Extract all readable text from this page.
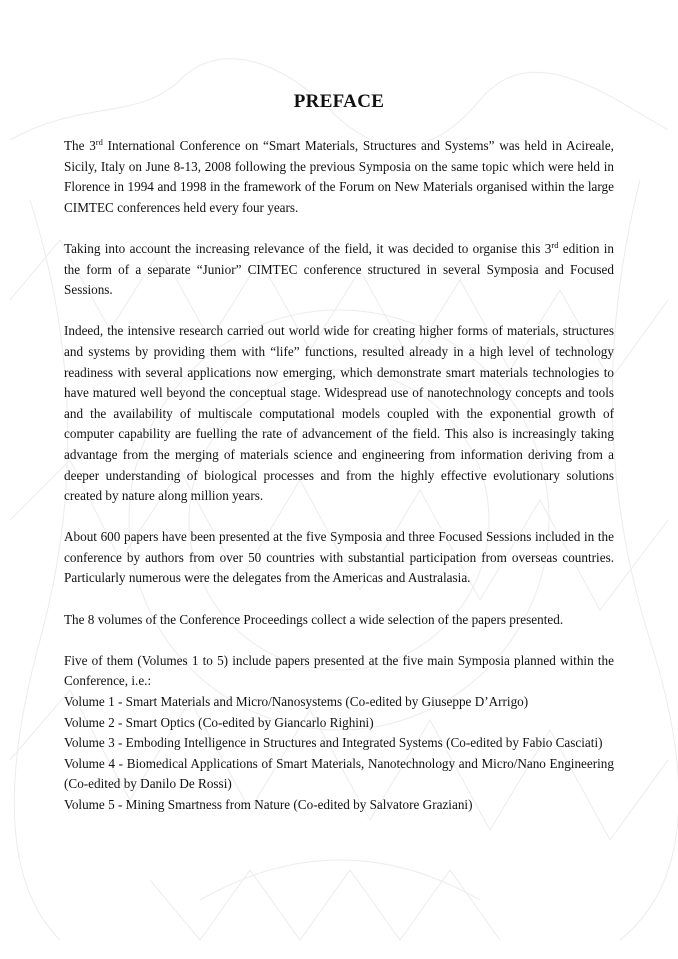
PREFACE

The 3rd International Conference on “Smart Materials, Structures and Systems” was held in Acireale, Sicily, Italy on June 8-13, 2008 following the previous Symposia on the same topic which were held in Florence in 1994 and 1998 in the framework of the Forum on New Materials organised within the large CIMTEC conferences held every four years.

Taking into account the increasing relevance of the field, it was decided to organise this 3rd edition in the form of a separate “Junior” CIMTEC conference structured in several Symposia and Focused Sessions.

Indeed, the intensive research carried out world wide for creating higher forms of materials, structures and systems by providing them with “life” functions, resulted already in a high level of technology readiness with several applications now emerging, which demonstrate smart materials technologies to have matured well beyond the conceptual stage. Widespread use of nanotechnology concepts and tools and the availability of multiscale computational models coupled with the exponential growth of computer capability are fuelling the rate of advancement of the field. This also is increasingly taking advantage from the merging of materials science and engineering from information deriving from a deeper understanding of biological processes and from the highly effective evolutionary solutions created by nature along million years.

About 600 papers have been presented at the five Symposia and three Focused Sessions included in the conference by authors from over 50 countries with substantial participation from overseas countries. Particularly numerous were the delegates from the Americas and Australasia.

The 8 volumes of the Conference Proceedings collect a wide selection of the papers presented.

Five of them (Volumes 1 to 5) include papers presented at the five main Symposia planned within the Conference, i.e.:

Volume 1 - Smart Materials and Micro/Nanosystems (Co-edited by Giuseppe D’Arrigo)
Volume 2 - Smart Optics (Co-edited by Giancarlo Righini)
Volume 3 - Emboding Intelligence in Structures and Integrated Systems (Co-edited by Fabio Casciati)
Volume 4 - Biomedical Applications of Smart Materials, Nanotechnology and Micro/Nano Engineering (Co-edited by Danilo De Rossi)
Volume 5 - Mining Smartness from Nature (Co-edited by Salvatore Graziani)
